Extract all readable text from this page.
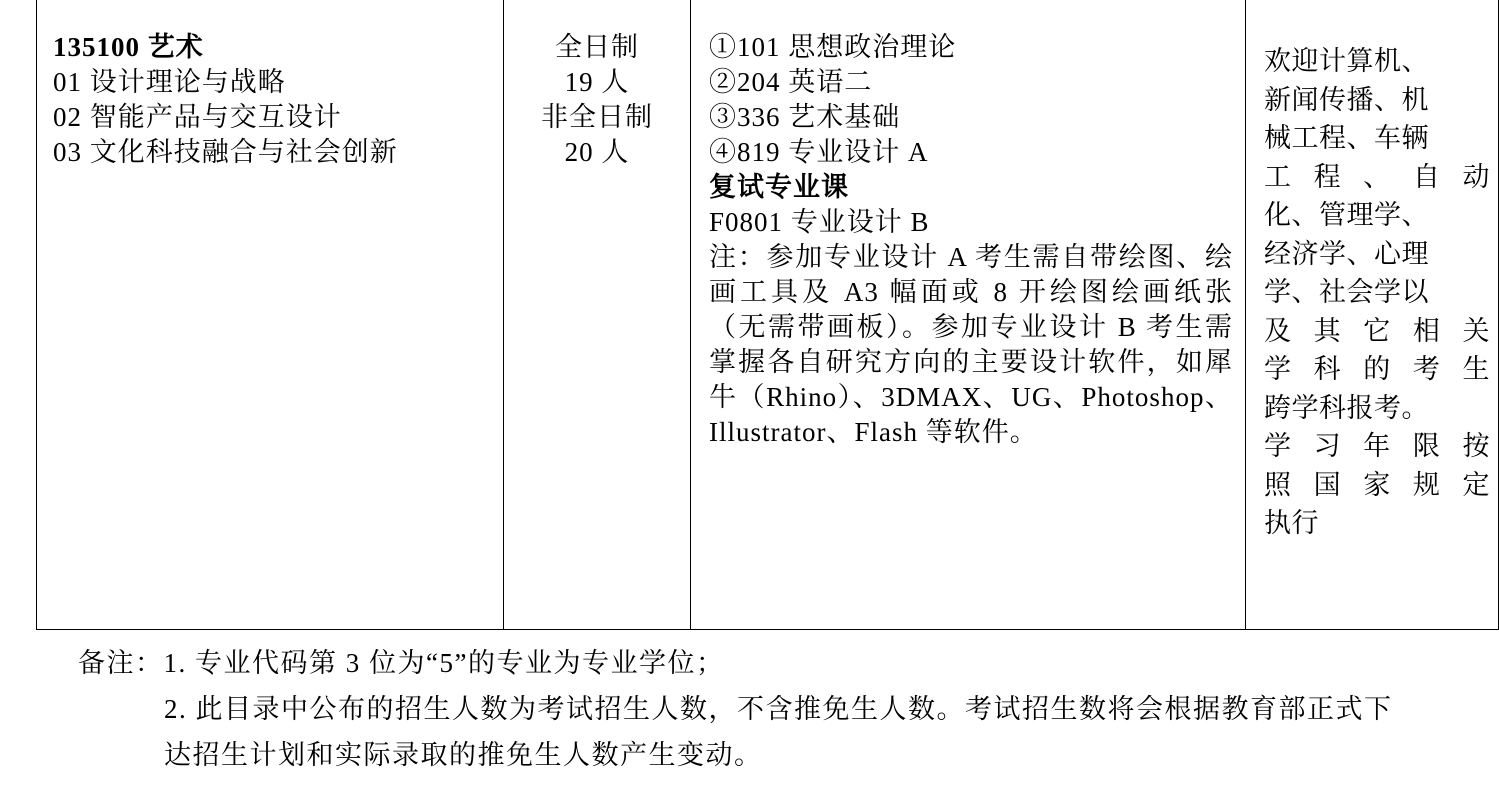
135100 艺术
01 设计理论与战略
02 智能产品与交互设计
03 文化科技融合与社会创新

全日制
19 人
非全日制
20 人

①101 思想政治理论
②204 英语二
③336 艺术基础
④819 专业设计 A
复试专业课
F0801 专业设计 B
注：参加专业设计 A 考生需自带绘图、绘画工具及 A3 幅面或 8 开绘图绘画纸张（无需带画板）。参加专业设计 B 考生需掌握各自研究方向的主要设计软件，如犀牛（Rhino）、3DMAX、UG、Photoshop、Illustrator、Flash 等软件。

欢迎计算机、
新闻传播、机
械工程、车辆
工程、自动
化、管理学、
经济学、心理
学、社会学以
及其它相关
学科的考生
跨学科报考。
学习年限按
照国家规定
执行
备注：1. 专业代码第 3 位为“5”的专业为专业学位；
2. 此目录中公布的招生人数为考试招生人数，不含推免生人数。考试招生数将会根据教育部正式下达招生计划和实际录取的推免生人数产生变动。
